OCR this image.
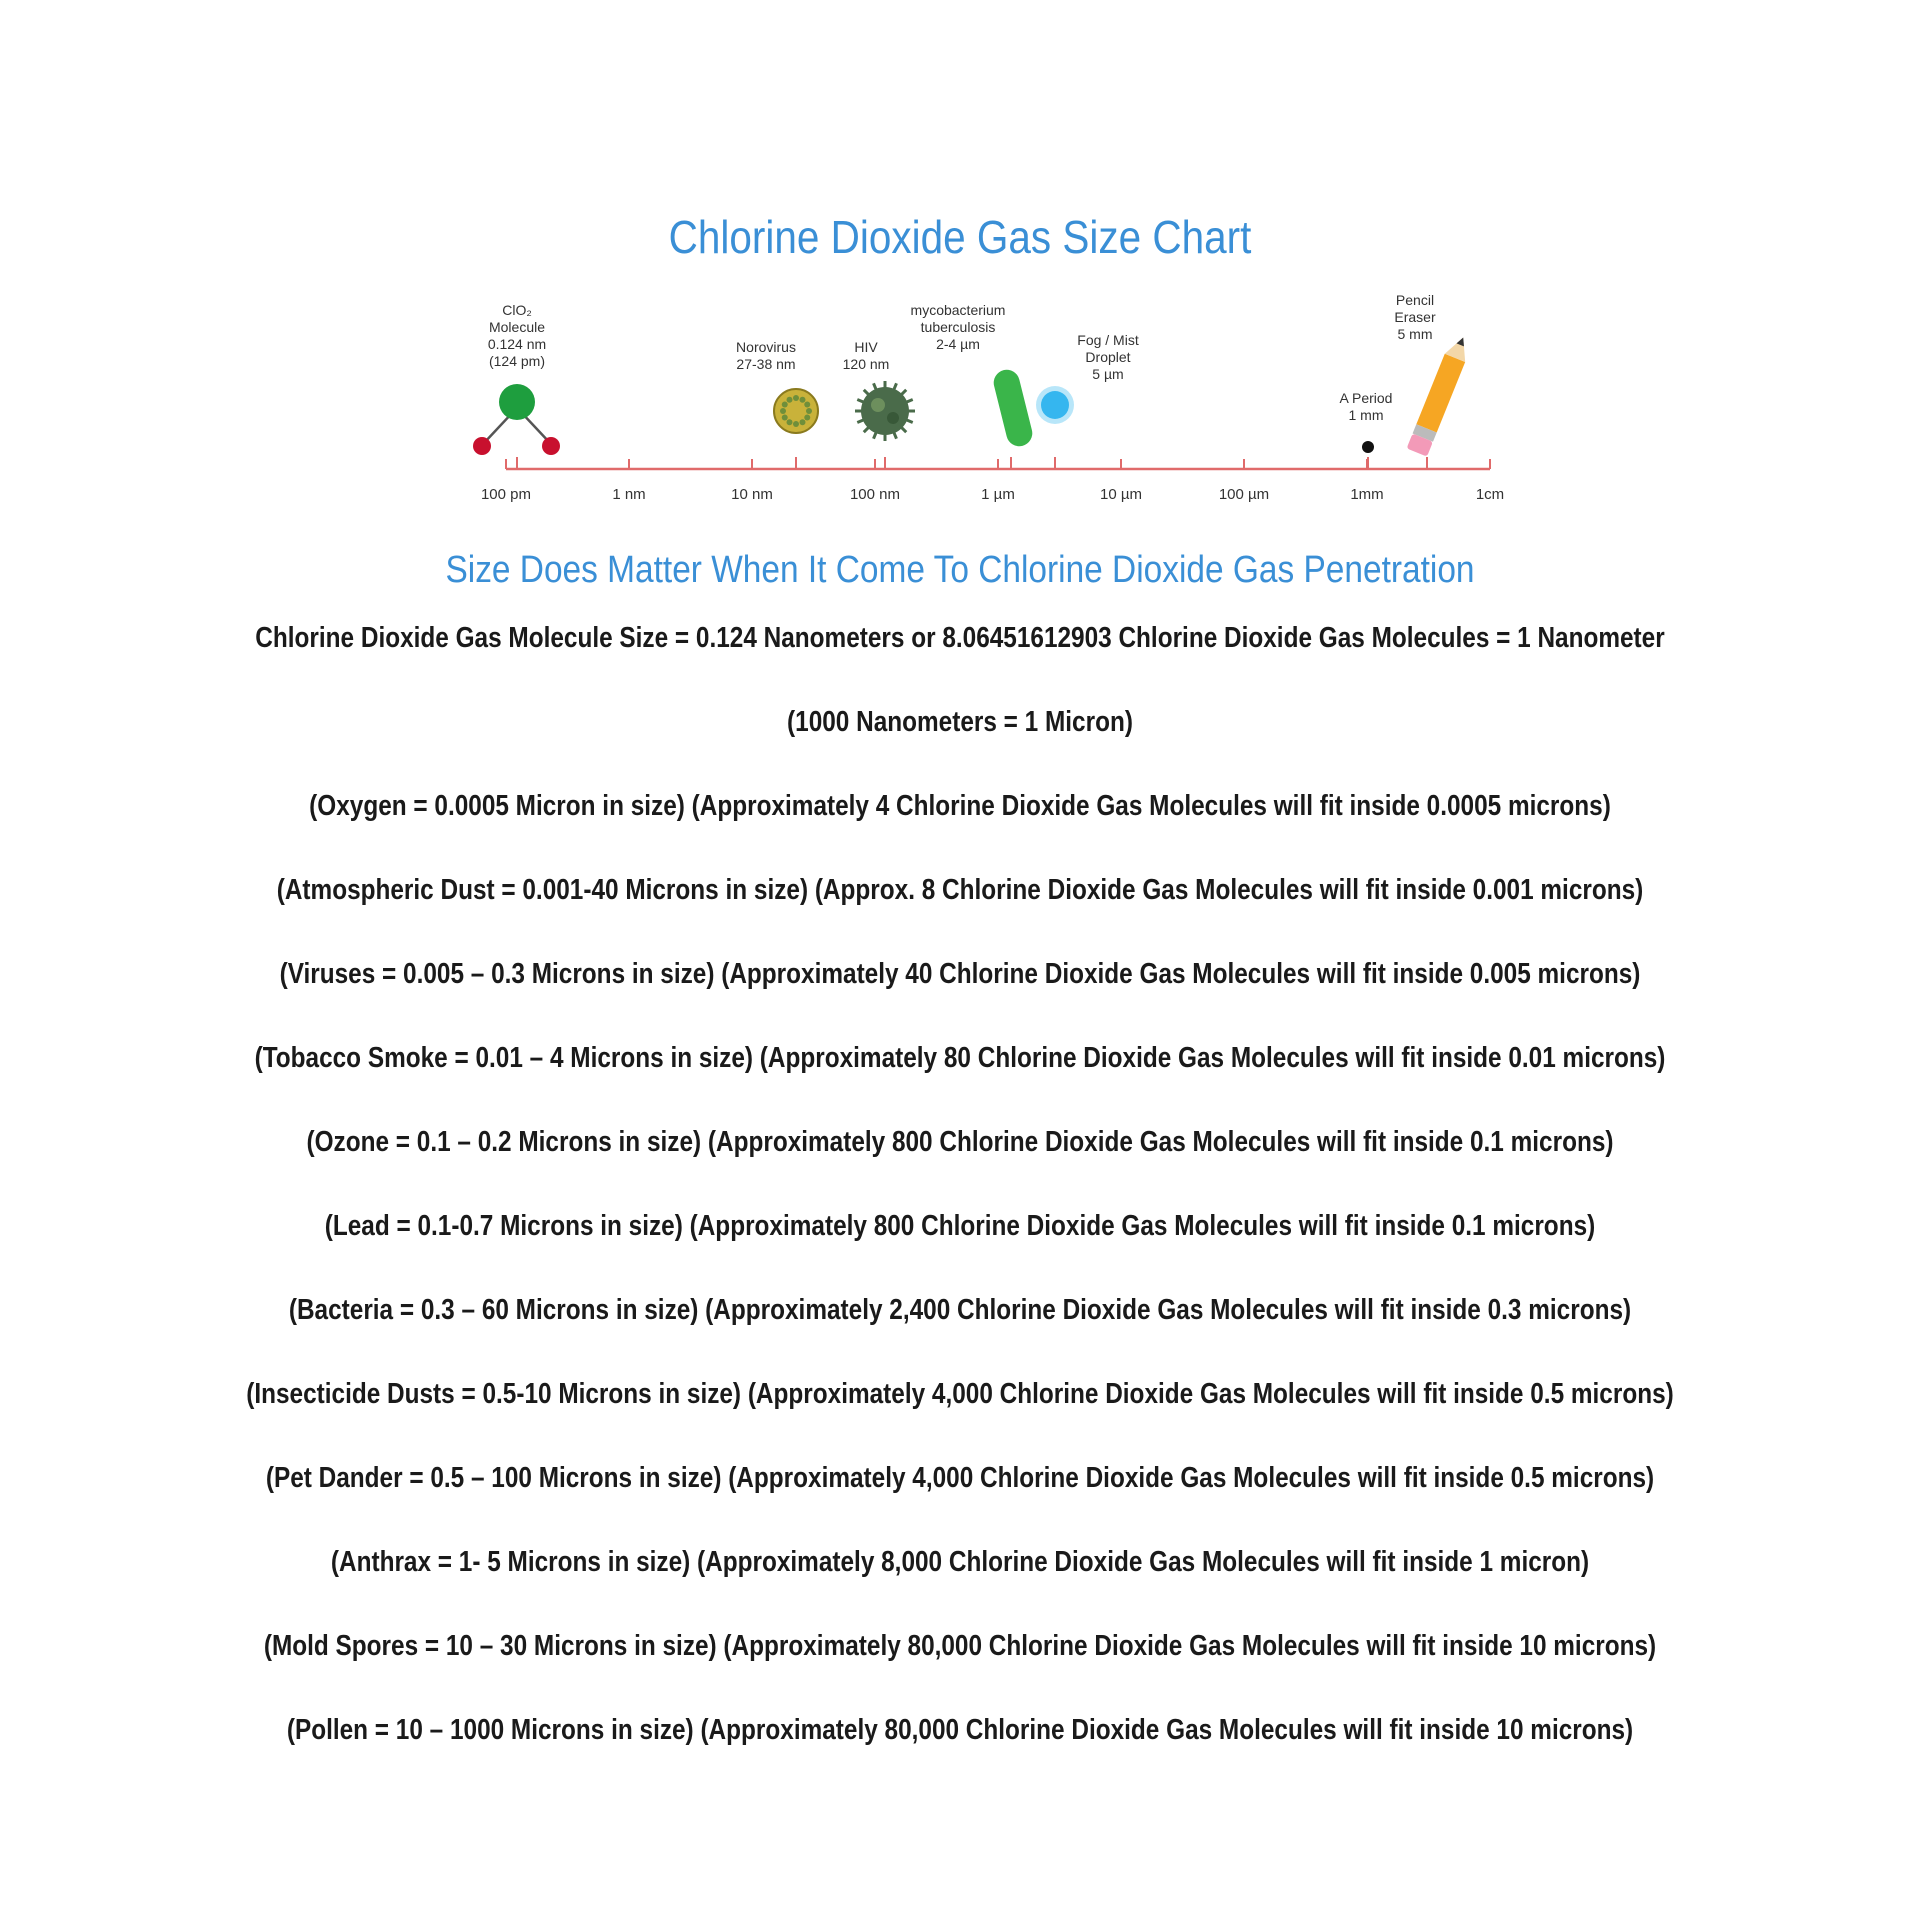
Chlorine Dioxide Gas Size Chart
100 pm	1 nm	10 nm	100 nm	1 µm	10 µm	100 µm	1mm	1cm
ClO₂
Molecule
0.124 nm
(124 pm)
Norovirus
27-38 nm
HIV
120 nm
mycobacterium
tuberculosis
2-4 µm	Fog / Mist
Droplet
5 µm
A Period
1 mm
Pencil
Eraser
5 mm
Size Does Matter When It Come To Chlorine Dioxide Gas Penetration
Chlorine Dioxide Gas Molecule Size = 0.124 Nanometers or 8.06451612903 Chlorine Dioxide Gas Molecules = 1 Nanometer
(1000 Nanometers = 1 Micron)
(Oxygen = 0.0005 Micron in size) (Approximately 4 Chlorine Dioxide Gas Molecules will fit inside 0.0005 microns)
(Atmospheric Dust = 0.001-40 Microns in size) (Approx. 8 Chlorine Dioxide Gas Molecules will fit inside 0.001 microns)
(Viruses = 0.005 – 0.3 Microns in size) (Approximately 40 Chlorine Dioxide Gas Molecules will fit inside 0.005 microns)
(Tobacco Smoke = 0.01 – 4 Microns in size) (Approximately 80 Chlorine Dioxide Gas Molecules will fit inside 0.01 microns)
(Ozone = 0.1 – 0.2 Microns in size) (Approximately 800 Chlorine Dioxide Gas Molecules will fit inside 0.1 microns)
(Lead = 0.1-0.7 Microns in size) (Approximately 800 Chlorine Dioxide Gas Molecules will fit inside 0.1 microns)
(Bacteria = 0.3 – 60 Microns in size) (Approximately 2,400 Chlorine Dioxide Gas Molecules will fit inside 0.3 microns)
(Insecticide Dusts = 0.5-10 Microns in size) (Approximately 4,000 Chlorine Dioxide Gas Molecules will fit inside 0.5 microns)
(Pet Dander = 0.5 – 100 Microns in size) (Approximately 4,000 Chlorine Dioxide Gas Molecules will fit inside 0.5 microns)
(Anthrax = 1- 5 Microns in size) (Approximately 8,000 Chlorine Dioxide Gas Molecules will fit inside 1 micron)
(Mold Spores = 10 – 30 Microns in size) (Approximately 80,000 Chlorine Dioxide Gas Molecules will fit inside 10 microns)
(Pollen = 10 – 1000 Microns in size) (Approximately 80,000 Chlorine Dioxide Gas Molecules will fit inside 10 microns)
